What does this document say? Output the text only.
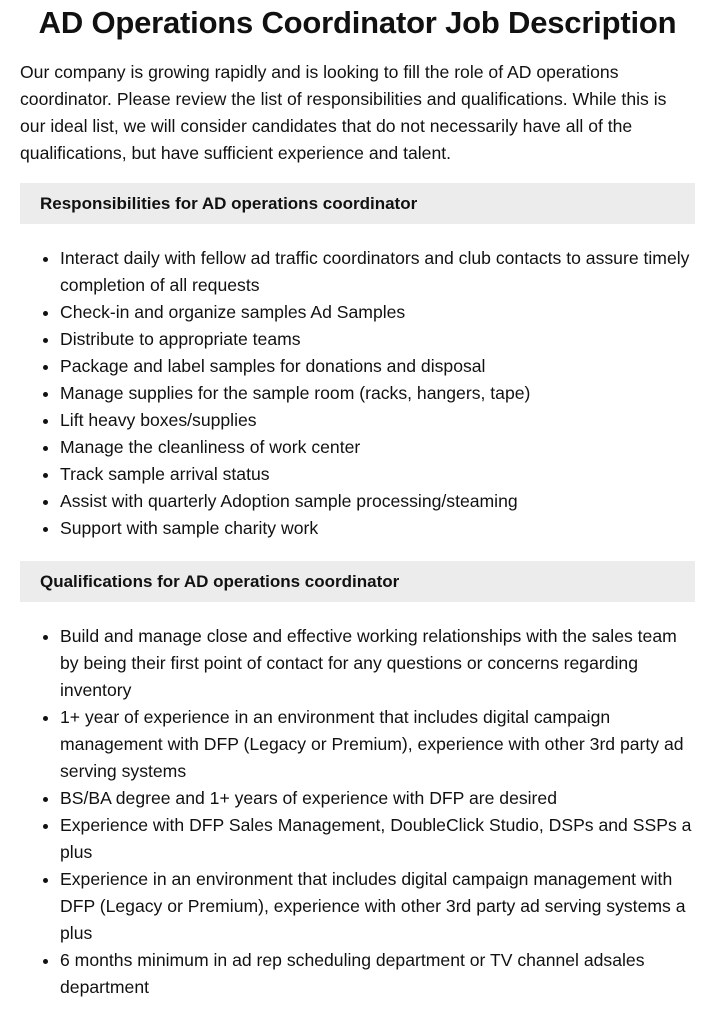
AD Operations Coordinator Job Description

Our company is growing rapidly and is looking to fill the role of AD operations coordinator. Please review the list of responsibilities and qualifications. While this is our ideal list, we will consider candidates that do not necessarily have all of the qualifications, but have sufficient experience and talent.

Responsibilities for AD operations coordinator
• Interact daily with fellow ad traffic coordinators and club contacts to assure timely completion of all requests
• Check-in and organize samples Ad Samples
• Distribute to appropriate teams
• Package and label samples for donations and disposal
• Manage supplies for the sample room (racks, hangers, tape)
• Lift heavy boxes/supplies
• Manage the cleanliness of work center
• Track sample arrival status
• Assist with quarterly Adoption sample processing/steaming
• Support with sample charity work
Qualifications for AD operations coordinator
• Build and manage close and effective working relationships with the sales team by being their first point of contact for any questions or concerns regarding inventory
• 1+ year of experience in an environment that includes digital campaign management with DFP (Legacy or Premium), experience with other 3rd party ad serving systems
• BS/BA degree and 1+ years of experience with DFP are desired
• Experience with DFP Sales Management, DoubleClick Studio, DSPs and SSPs a plus
• Experience in an environment that includes digital campaign management with DFP (Legacy or Premium), experience with other 3rd party ad serving systems a plus
• 6 months minimum in ad rep scheduling department or TV channel adsales department
